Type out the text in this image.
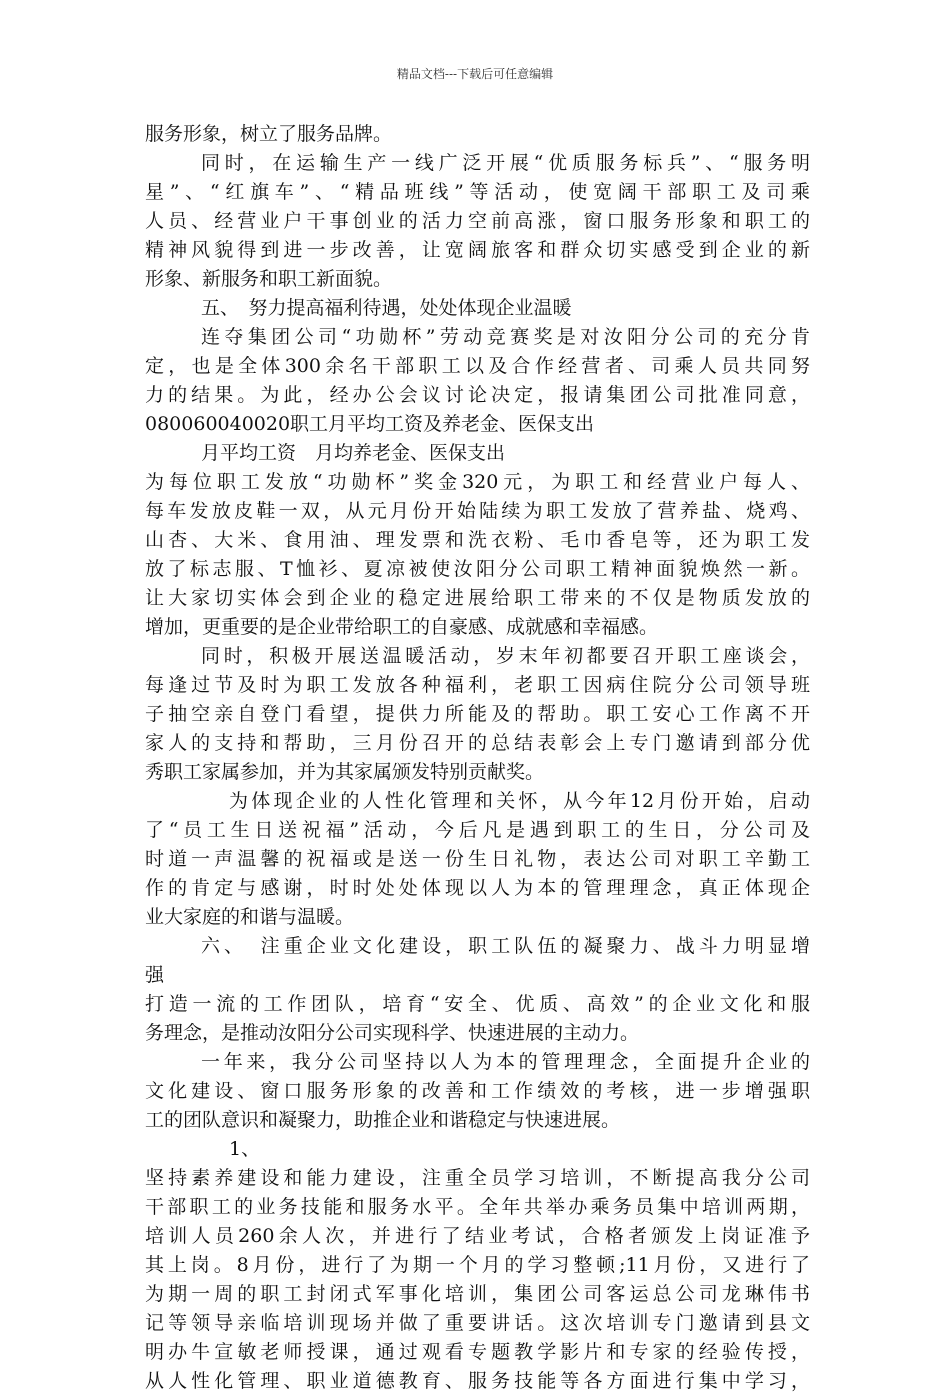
精品文档---下载后可任意编辑
服务形象，树立了服务品牌。
同时，在运输生产一线广泛开展“优质服务标兵”、“服务明
星”、“红旗车”、“精品班线”等活动，使宽阔干部职工及司乘
人员、经营业户干事创业的活力空前高涨，窗口服务形象和职工的
精神风貌得到进一步改善，让宽阔旅客和群众切实感受到企业的新
形象、新服务和职工新面貌。
五、　努力提高福利待遇，处处体现企业温暖
连夺集团公司“功勋杯”劳动竞赛奖是对汝阳分公司的充分肯
定，也是全体300余名干部职工以及合作经营者、司乘人员共同努
力的结果。为此，经办公会议讨论决定，报请集团公司批准同意，
080060040020职工月平均工资及养老金、医保支出
月平均工资　月均养老金、医保支出
为每位职工发放“功勋杯”奖金320元，为职工和经营业户每人、
每车发放皮鞋一双，从元月份开始陆续为职工发放了营养盐、烧鸡、
山杏、大米、食用油、理发票和洗衣粉、毛巾香皂等，还为职工发
放了标志服、T恤衫、夏凉被使汝阳分公司职工精神面貌焕然一新。
让大家切实体会到企业的稳定进展给职工带来的不仅是物质发放的
增加，更重要的是企业带给职工的自豪感、成就感和幸福感。
同时，积极开展送温暖活动，岁末年初都要召开职工座谈会，
每逢过节及时为职工发放各种福利，老职工因病住院分公司领导班
子抽空亲自登门看望，提供力所能及的帮助。职工安心工作离不开
家人的支持和帮助，三月份召开的总结表彰会上专门邀请到部分优
秀职工家属参加，并为其家属颁发特别贡献奖。
为体现企业的人性化管理和关怀，从今年12月份开始，启动
了“员工生日送祝福”活动，今后凡是遇到职工的生日，分公司及
时道一声温馨的祝福或是送一份生日礼物，表达公司对职工辛勤工
作的肯定与感谢，时时处处体现以人为本的管理理念，真正体现企
业大家庭的和谐与温暖。
六、　注重企业文化建设，职工队伍的凝聚力、战斗力明显增
强
打造一流的工作团队，培育“安全、优质、高效”的企业文化和服
务理念，是推动汝阳分公司实现科学、快速进展的主动力。
一年来，我分公司坚持以人为本的管理理念，全面提升企业的
文化建设、窗口服务形象的改善和工作绩效的考核，进一步增强职
工的团队意识和凝聚力，助推企业和谐稳定与快速进展。
1、
坚持素养建设和能力建设，注重全员学习培训，不断提高我分公司
干部职工的业务技能和服务水平。全年共举办乘务员集中培训两期，
培训人员260余人次，并进行了结业考试，合格者颁发上岗证准予
其上岗。8月份，进行了为期一个月的学习整顿;11月份，又进行了
为期一周的职工封闭式军事化培训，集团公司客运总公司龙琳伟书
记等领导亲临培训现场并做了重要讲话。这次培训专门邀请到县文
明办牛宣敏老师授课，通过观看专题教学影片和专家的经验传授，
从人性化管理、职业道德教育、服务技能等各方面进行集中学习，
